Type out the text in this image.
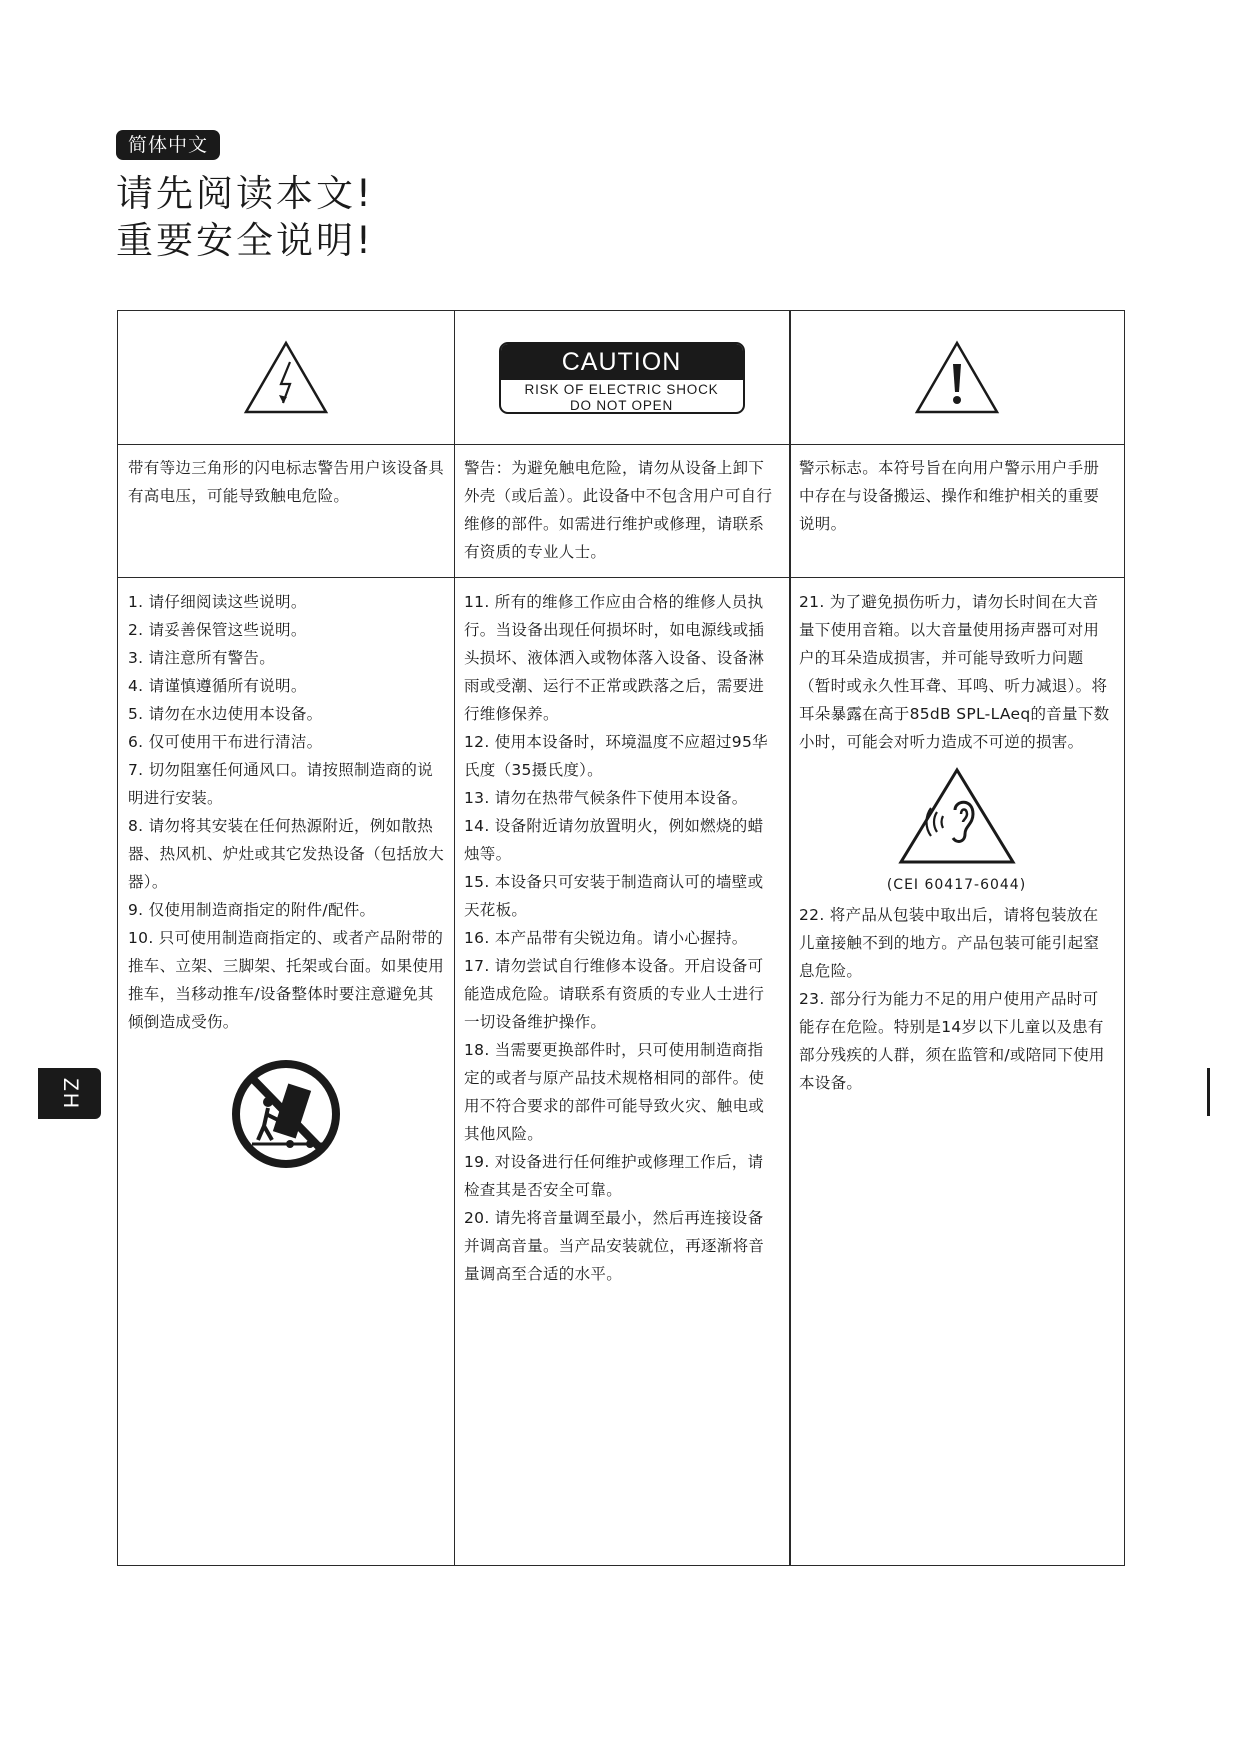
简体中文
请先阅读本文!
重要安全说明!
CAUTION
RISK OF ELECTRIC SHOCK
DO NOT OPEN
带有等边三角形的闪电标志警告用户该设备具有高电压，可能导致触电危险。
警告：为避免触电危险，请勿从设备上卸下外壳（或后盖）。此设备中不包含用户可自行维修的部件。如需进行维护或修理，请联系有资质的专业人士。
警示标志。本符号旨在向用户警示用户手册中存在与设备搬运、操作和维护相关的重要说明。
1. 请仔细阅读这些说明。
2. 请妥善保管这些说明。
3. 请注意所有警告。
4. 请谨慎遵循所有说明。
5. 请勿在水边使用本设备。
6. 仅可使用干布进行清洁。
7. 切勿阻塞任何通风口。请按照制造商的说明进行安装。
8. 请勿将其安装在任何热源附近，例如散热器、热风机、炉灶或其它发热设备（包括放大器）。
9. 仅使用制造商指定的附件/配件。
10. 只可使用制造商指定的、或者产品附带的推车、立架、三脚架、托架或台面。如果使用推车，当移动推车/设备整体时要注意避免其倾倒造成受伤。
11. 所有的维修工作应由合格的维修人员执行。当设备出现任何损坏时，如电源线或插头损坏、液体洒入或物体落入设备、设备淋雨或受潮、运行不正常或跌落之后，需要进行维修保养。
12. 使用本设备时，环境温度不应超过95华氏度（35摄氏度）。
13. 请勿在热带气候条件下使用本设备。
14. 设备附近请勿放置明火，例如燃烧的蜡烛等。
15. 本设备只可安装于制造商认可的墙壁或天花板。
16. 本产品带有尖锐边角。请小心握持。
17. 请勿尝试自行维修本设备。开启设备可能造成危险。请联系有资质的专业人士进行一切设备维护操作。
18. 当需要更换部件时，只可使用制造商指定的或者与原产品技术规格相同的部件。使用不符合要求的部件可能导致火灾、触电或其他风险。
19. 对设备进行任何维护或修理工作后，请检查其是否安全可靠。
20. 请先将音量调至最小，然后再连接设备并调高音量。当产品安装就位，再逐渐将音量调高至合适的水平。
21. 为了避免损伤听力，请勿长时间在大音量下使用音箱。以大音量使用扬声器可对用户的耳朵造成损害，并可能导致听力问题（暂时或永久性耳聋、耳鸣、听力减退）。将耳朵暴露在高于85dB SPL-LAeq的音量下数小时，可能会对听力造成不可逆的损害。
(CEI 60417-6044)
22. 将产品从包装中取出后，请将包装放在儿童接触不到的地方。产品包装可能引起窒息危险。
23. 部分行为能力不足的用户使用产品时可能存在危险。特别是14岁以下儿童以及患有部分残疾的人群，须在监管和/或陪同下使用本设备。
ZH
